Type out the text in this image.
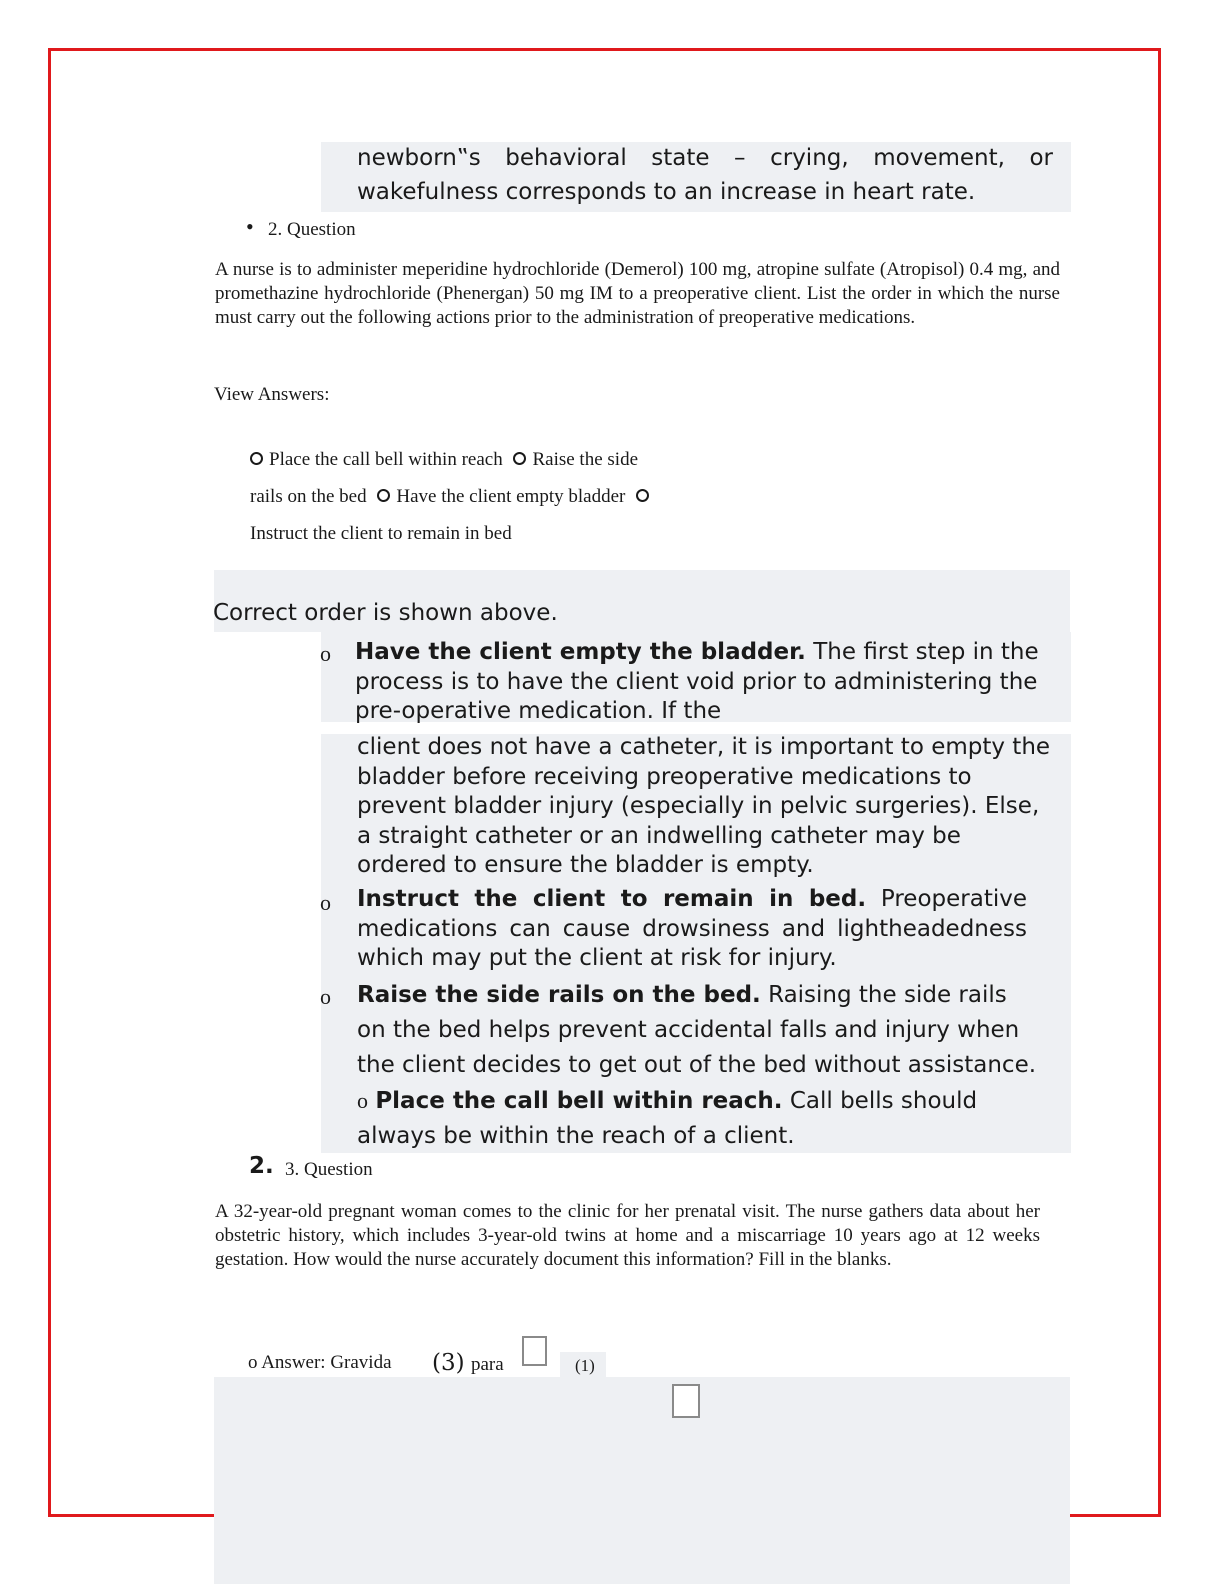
newborn‟s behavioral state – crying, movement, or wakefulness corresponds to an increase in heart rate.
• 2. Question
A nurse is to administer meperidine hydrochloride (Demerol) 100 mg, atropine sulfate (Atropisol) 0.4 mg, and promethazine hydrochloride (Phenergan) 50 mg IM to a preoperative client. List the order in which the nurse must carry out the following actions prior to the administration of preoperative medications.
View Answers:
Place the call bell within reach Raise the side rails on the bed Have the client empty bladder Instruct the client to remain in bed
Correct order is shown above.
o Have the client empty the bladder. The first step in the process is to have the client void prior to administering the pre-operative medication. If the
client does not have a catheter, it is important to empty the bladder before receiving preoperative medications to prevent bladder injury (especially in pelvic surgeries). Else, a straight catheter or an indwelling catheter may be ordered to ensure the bladder is empty.
o Instruct the client to remain in bed. Preoperative medications can cause drowsiness and lightheadedness which may put the client at risk for injury.
o Raise the side rails on the bed. Raising the side rails on the bed helps prevent accidental falls and injury when the client decides to get out of the bed without assistance. o Place the call bell within reach. Call bells should always be within the reach of a client.
2. 3. Question
A 32-year-old pregnant woman comes to the clinic for her prenatal visit. The nurse gathers data about her obstetric history, which includes 3-year-old twins at home and a miscarriage 10 years ago at 12 weeks gestation. How would the nurse accurately document this information? Fill in the blanks.
o Answer: Gravida (3) para	(1)
